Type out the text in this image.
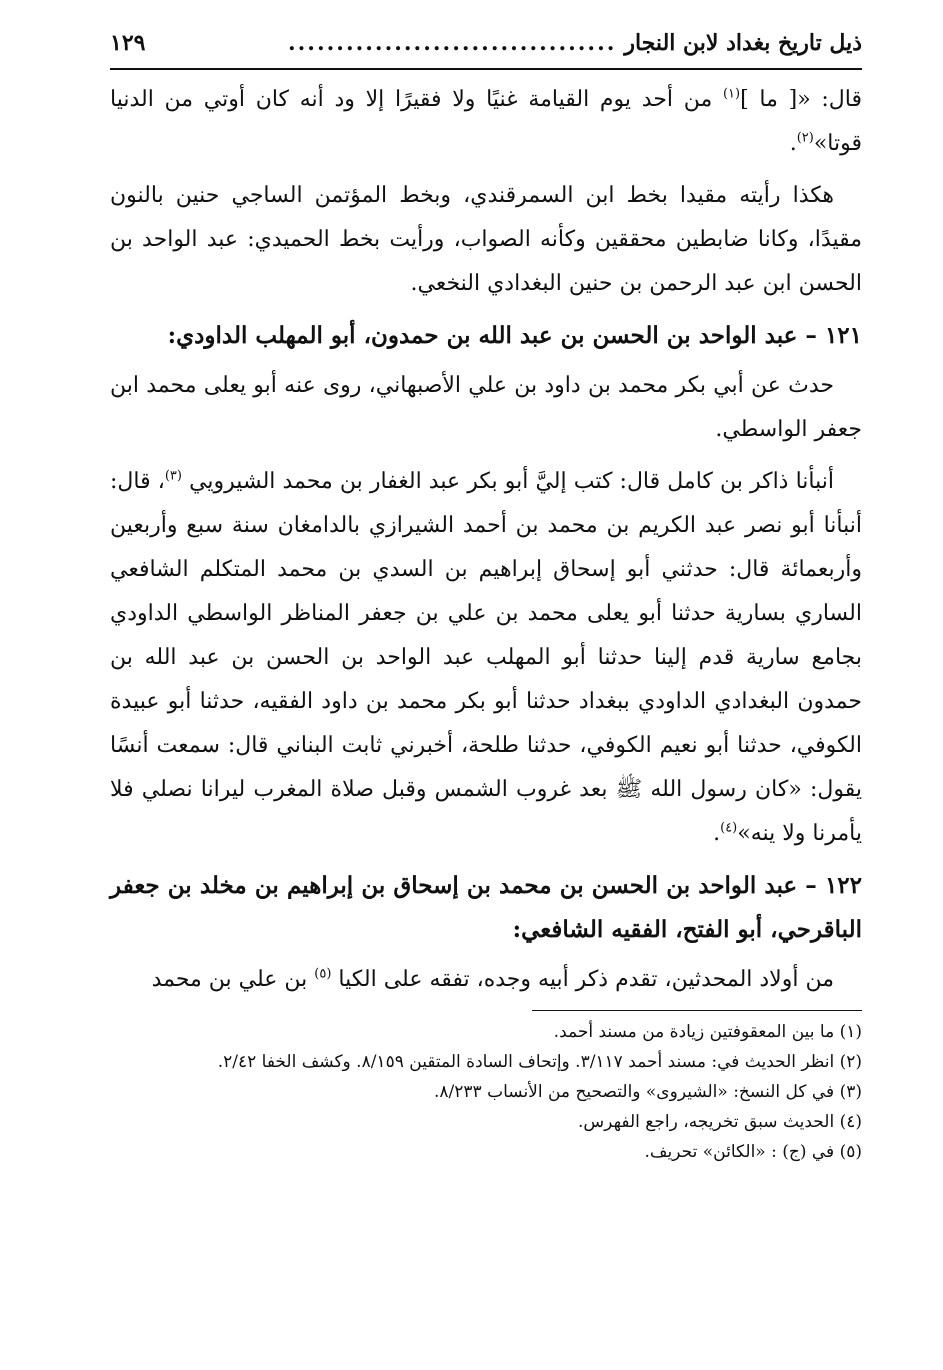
ذيل تاريخ بغداد لابن النجار
..................................
١٢٩

قال: «[ ما ]$^{(١)}$ من أحد يوم القيامة غنيًا ولا فقيرًا إلا ود أنه كان أوتي من الدنيا قوتا»$^{(٢)}$.

هكذا رأيته مقيدا بخط ابن السمرقندي، وبخط المؤتمن الساجي حنين بالنون مقيدًا، وكانا ضابطين محققين وكأنه الصواب، ورأيت بخط الحميدي: عبد الواحد بن الحسن ابن عبد الرحمن بن حنين البغدادي النخعي.

١٢١ – عبد الواحد بن الحسن بن عبد الله بن حمدون، أبو المهلب الداودي:

حدث عن أبي بكر محمد بن داود بن علي الأصبهاني، روى عنه أبو يعلى محمد ابن جعفر الواسطي.

أنبأنا ذاكر بن كامل قال: كتب إليَّ أبو بكر عبد الغفار بن محمد الشيرويي $^{(٣)}$، قال: أنبأنا أبو نصر عبد الكريم بن محمد بن أحمد الشيرازي بالدامغان سنة سبع وأربعين وأربعمائة قال: حدثني أبو إسحاق إبراهيم بن السدي بن محمد المتكلم الشافعي الساري بسارية حدثنا أبو يعلى محمد بن علي بن جعفر المناظر الواسطي الداودي بجامع سارية قدم إلينا حدثنا أبو المهلب عبد الواحد بن الحسن بن عبد الله بن حمدون البغدادي الداودي ببغداد حدثنا أبو بكر محمد بن داود الفقيه، حدثنا أبو عبيدة الكوفي، حدثنا أبو نعيم الكوفي، حدثنا طلحة، أخبرني ثابت البناني قال: سمعت أنسًا يقول: «كان رسول الله ﷺ بعد غروب الشمس وقبل صلاة المغرب ليرانا نصلي فلا يأمرنا ولا ينه»$^{(٤)}$.

١٢٢ – عبد الواحد بن الحسن بن محمد بن إسحاق بن إبراهيم بن مخلد بن جعفر الباقرحي، أبو الفتح، الفقيه الشافعي:

من أولاد المحدثين، تقدم ذكر أبيه وجده، تفقه على الكيا $^{(٥)}$ بن علي بن محمد

(١) ما بين المعقوفتين زيادة من مسند أحمد.

(٢) انظر الحديث في: مسند أحمد ٣/١١٧. وإتحاف السادة المتقين ٨/١٥٩. وكشف الخفا ٢/٤٢.

(٣) في كل النسخ: «الشيروى» والتصحيح من الأنساب ٨/٢٣٣.

(٤) الحديث سبق تخريجه، راجع الفهرس.

(٥) في (ج) : «الكائن» تحريف.
